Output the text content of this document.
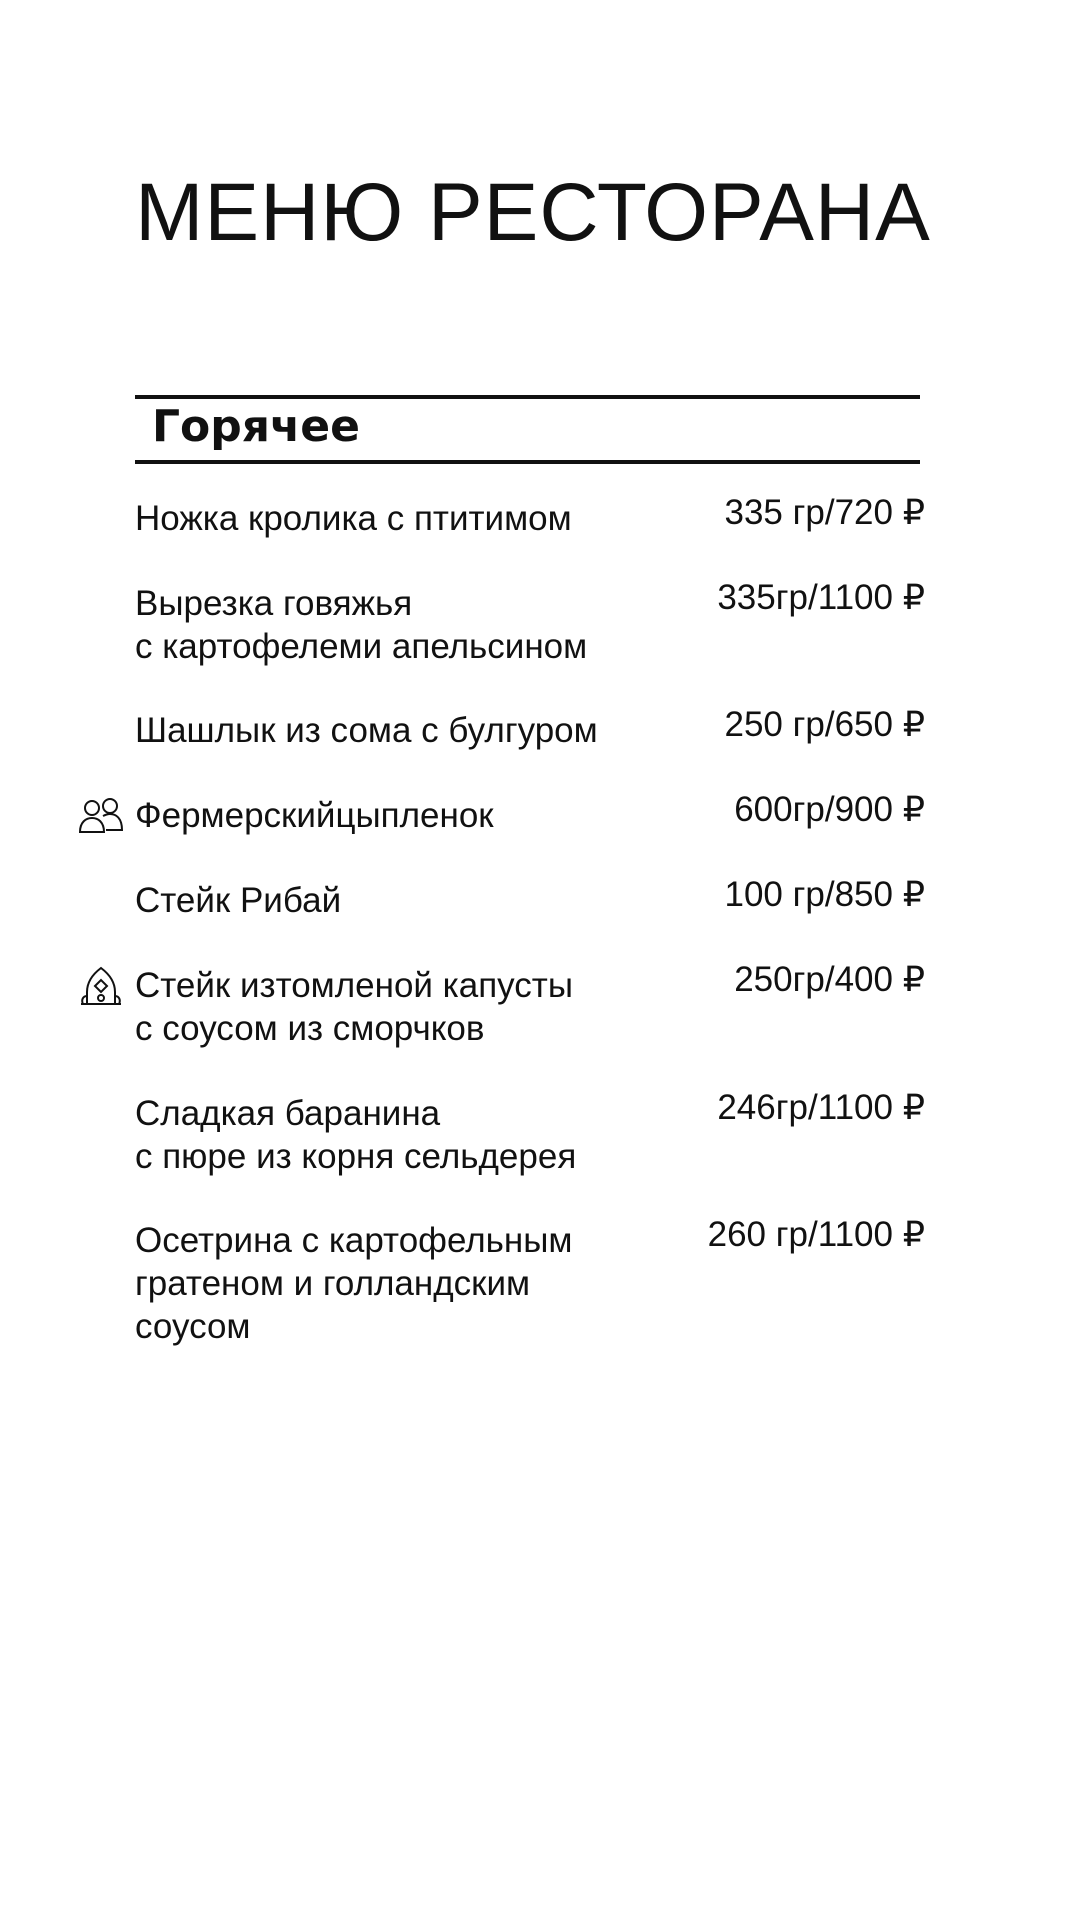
МЕНЮ РЕСТОРАНА
Горячее
Ножка кролика с птитимом	335 гр/720 ₽
Вырезка говяжья
с картофелеми апельсином
335гр/1100 ₽
Шашлык из сома с булгуром	250 гр/650 ₽
Фермерскийцыпленок	600гр/900 ₽
Стейк Рибай	100 гр/850 ₽
Стейк изтомленой капусты
с соусом из сморчков
250гр/400 ₽
Сладкая баранина
с пюре из корня сельдерея
246гр/1100 ₽
Осетрина с картофельным
гратеном и голландским
соусом
260 гр/1100 ₽
